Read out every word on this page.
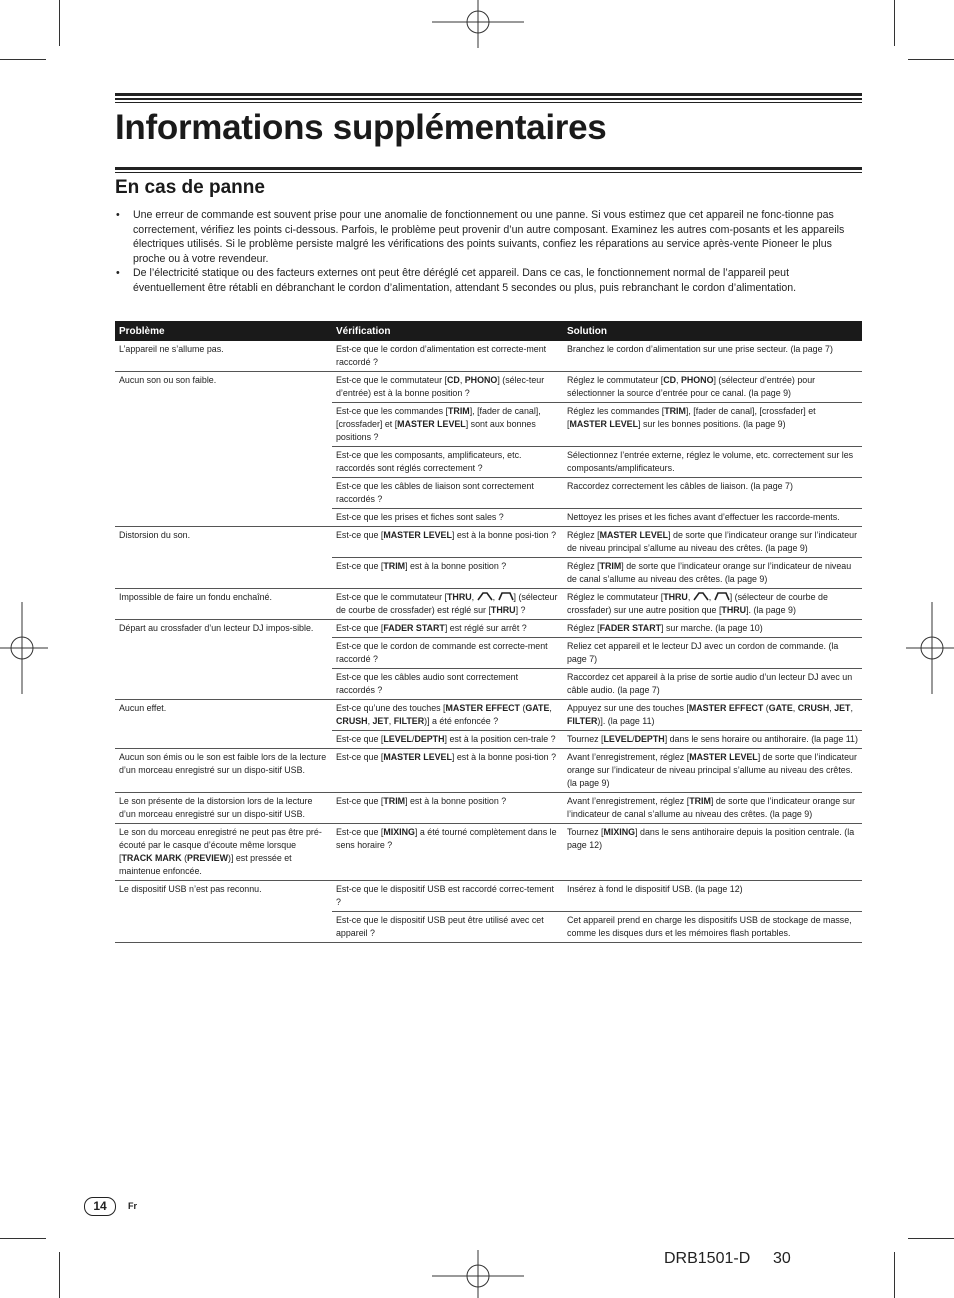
Informations supplémentaires
En cas de panne
• Une erreur de commande est souvent prise pour une anomalie de fonctionnement ou une panne. Si vous estimez que cet appareil ne fonc-tionne pas correctement, vérifiez les points ci-dessous. Parfois, le problème peut provenir d’un autre composant. Examinez les autres com-posants et les appareils électriques utilisés. Si le problème persiste malgré les vérifications des points suivants, confiez les réparations au service après-vente Pioneer le plus proche ou à votre revendeur.
• De l’électricité statique ou des facteurs externes ont peut être déréglé cet appareil. Dans ce cas, le fonctionnement normal de l’appareil peut éventuellement être rétabli en débranchant le cordon d’alimentation, attendant 5 secondes ou plus, puis rebranchant le cordon d’alimentation.
Problème	Vérification	Solution
L’appareil ne s’allume pas.	Est-ce que le cordon d’alimentation est correcte-ment raccordé ?	Branchez le cordon d’alimentation sur une prise secteur. (la page 7)
Aucun son ou son faible.	Est-ce que le commutateur [CD, PHONO] (sélec-teur d’entrée) est à la bonne position ?	Réglez le commutateur [CD, PHONO] (sélecteur d’entrée) pour sélectionner la source d’entrée pour ce canal. (la page 9)
	Est-ce que les commandes [TRIM], [fader de canal], [crossfader] et [MASTER LEVEL] sont aux bonnes positions ?	Réglez les commandes [TRIM], [fader de canal], [crossfader] et [MASTER LEVEL] sur les bonnes positions. (la page 9)
	Est-ce que les composants, amplificateurs, etc. raccordés sont réglés correctement ?	Sélectionnez l’entrée externe, réglez le volume, etc. correctement sur les composants/amplificateurs.
	Est-ce que les câbles de liaison sont correctement raccordés ?	Raccordez correctement les câbles de liaison. (la page 7)
	Est-ce que les prises et fiches sont sales ?	Nettoyez les prises et les fiches avant d’effectuer les raccorde-ments.
Distorsion du son.	Est-ce que [MASTER LEVEL] est à la bonne posi-tion ?	Réglez [MASTER LEVEL] de sorte que l’indicateur orange sur l’indicateur de niveau principal s’allume au niveau des crêtes. (la page 9)
	Est-ce que [TRIM] est à la bonne position ?	Réglez [TRIM] de sorte que l’indicateur orange sur l’indicateur de niveau de canal s’allume au niveau des crêtes. (la page 9)
Impossible de faire un fondu enchaîné.	Est-ce que le commutateur [THRU, , ] (sélecteur de courbe de crossfader) est réglé sur [THRU] ?	Réglez le commutateur [THRU, , ] (sélecteur de courbe de crossfader) sur une autre position que [THRU]. (la page 9)
Départ au crossfader d’un lecteur DJ impos-sible.	Est-ce que [FADER START] est réglé sur arrêt ?	Réglez [FADER START] sur marche. (la page 10)
	Est-ce que le cordon de commande est correcte-ment raccordé ?	Reliez cet appareil et le lecteur DJ avec un cordon de commande. (la page 7)
	Est-ce que les câbles audio sont correctement raccordés ?	Raccordez cet appareil à la prise de sortie audio d’un lecteur DJ avec un câble audio. (la page 7)
Aucun effet.	Est-ce qu’une des touches [MASTER EFFECT (GATE, CRUSH, JET, FILTER)] a été enfoncée ?	Appuyez sur une des touches [MASTER EFFECT (GATE, CRUSH, JET, FILTER)]. (la page 11)
	Est-ce que [LEVEL/DEPTH] est à la position cen-trale ?	Tournez [LEVEL/DEPTH] dans le sens horaire ou antihoraire. (la page 11)
Aucun son émis ou le son est faible lors de la lecture d’un morceau enregistré sur un dispo-sitif USB.	Est-ce que [MASTER LEVEL] est à la bonne posi-tion ?	Avant l’enregistrement, réglez [MASTER LEVEL] de sorte que l’indicateur orange sur l’indicateur de niveau principal s’allume au niveau des crêtes. (la page 9)
Le son présente de la distorsion lors de la lecture d’un morceau enregistré sur un dispo-sitif USB.	Est-ce que [TRIM] est à la bonne position ?	Avant l’enregistrement, réglez [TRIM] de sorte que l’indicateur orange sur l’indicateur de canal s’allume au niveau des crêtes. (la page 9)
Le son du morceau enregistré ne peut pas être pré-écouté par le casque d’écoute même lorsque [TRACK MARK (PREVIEW)] est pressée et maintenue enfoncée.	Est-ce que [MIXING] a été tourné complètement dans le sens horaire ?	Tournez [MIXING] dans le sens antihoraire depuis la position centrale. (la page 12)
Le dispositif USB n’est pas reconnu.	Est-ce que le dispositif USB est raccordé correc-tement ?	Insérez à fond le dispositif USB. (la page 12)
	Est-ce que le dispositif USB peut être utilisé avec cet appareil ?	Cet appareil prend en charge les dispositifs USB de stockage de masse, comme les disques durs et les mémoires flash portables.
14	Fr
DRB1501-D 30
